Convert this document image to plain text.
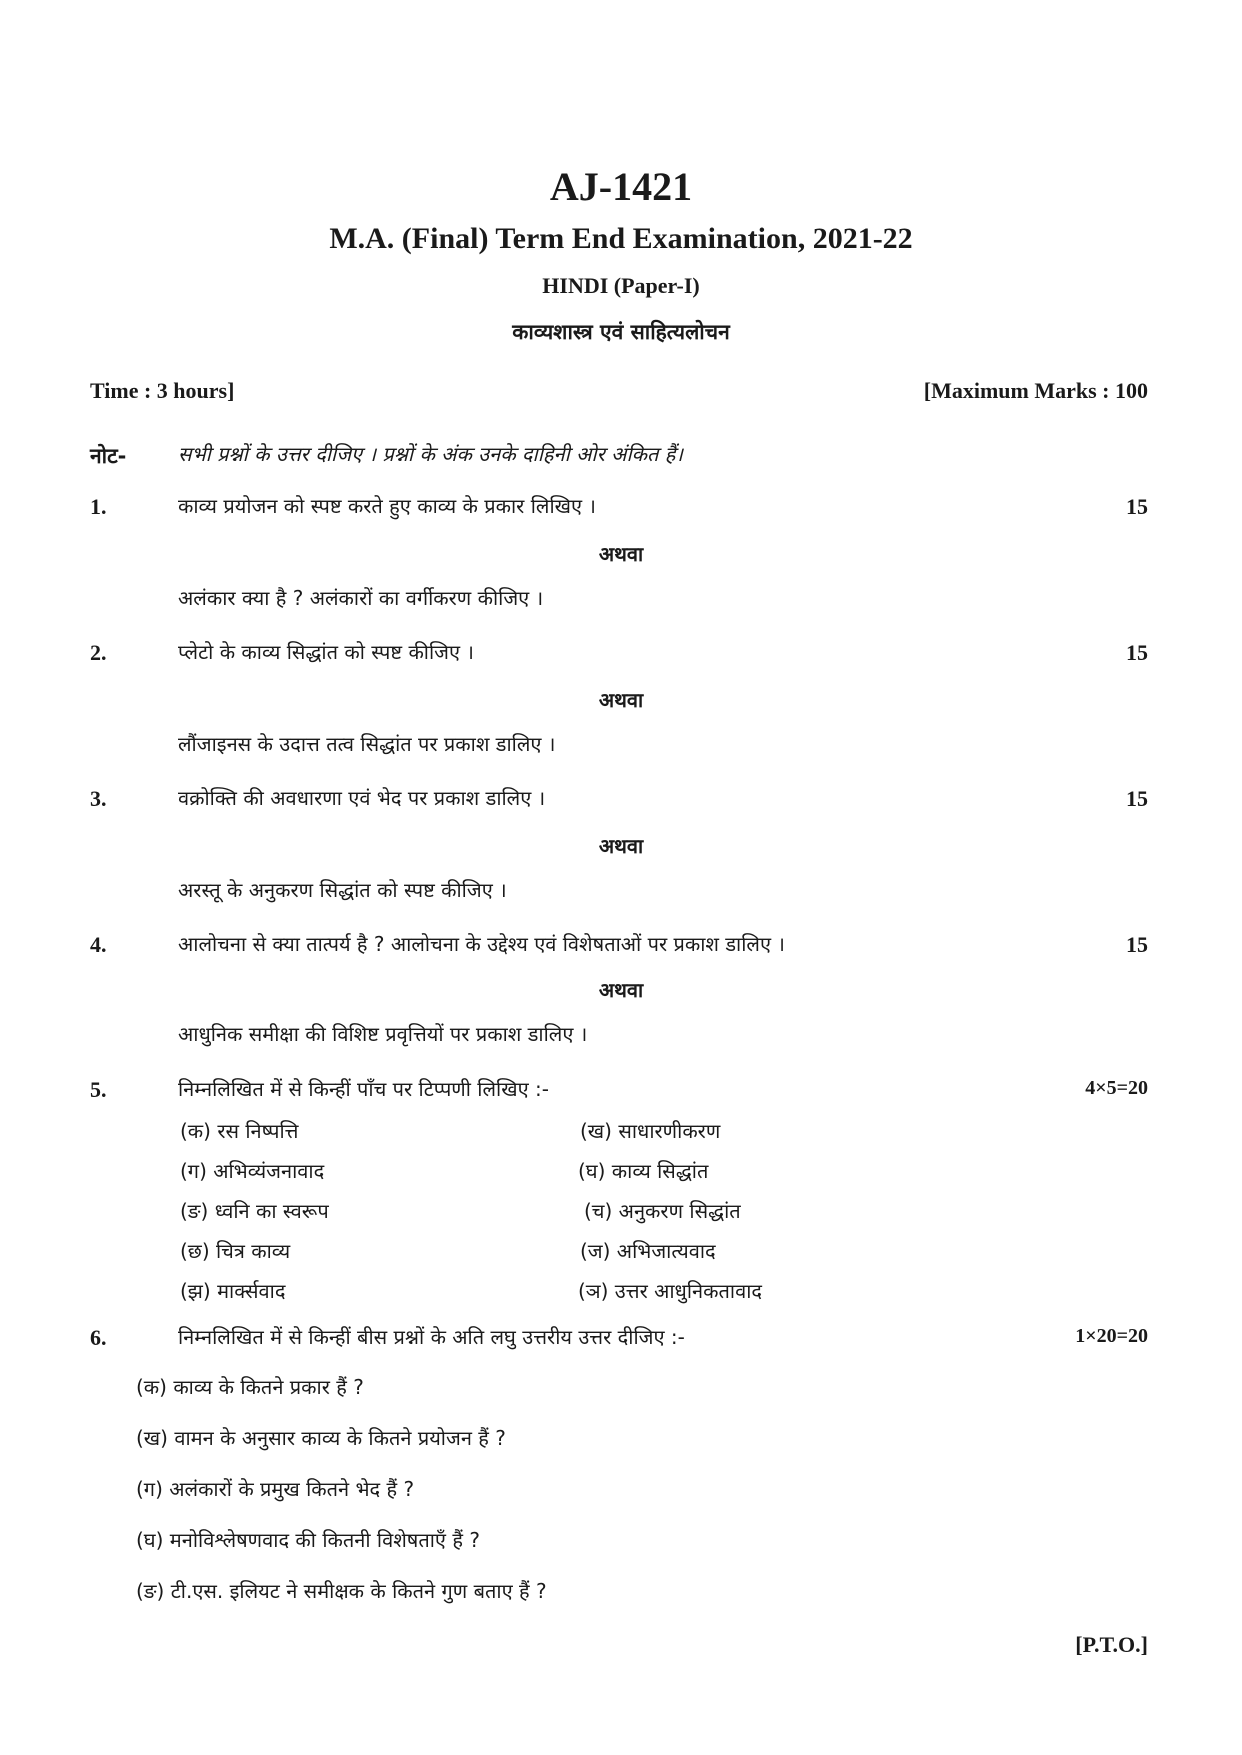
AJ-1421
M.A. (Final) Term End Examination, 2021-22
HINDI (Paper-I)
काव्यशास्त्र एवं साहित्यलोचन
Time : 3 hours]	[Maximum Marks : 100
नोट-	सभी प्रश्नों के उत्तर दीजिए । प्रश्नों के अंक उनके दाहिनी ओर अंकित हैं।
1.	काव्य प्रयोजन को स्पष्ट करते हुए काव्य के प्रकार लिखिए ।	15
अथवा
अलंकार क्या है ? अलंकारों का वर्गीकरण कीजिए ।
2.	प्लेटो के काव्य सिद्धांत को स्पष्ट कीजिए ।	15
अथवा
लौंजाइनस के उदात्त तत्व सिद्धांत पर प्रकाश डालिए ।
3.	वक्रोक्ति की अवधारणा एवं भेद पर प्रकाश डालिए ।	15
अथवा
अरस्तू के अनुकरण सिद्धांत को स्पष्ट कीजिए ।
4.	आलोचना से क्या तात्पर्य है ? आलोचना के उद्देश्य एवं विशेषताओं पर प्रकाश डालिए ।	15
अथवा
आधुनिक समीक्षा की विशिष्ट प्रवृत्तियों पर प्रकाश डालिए ।
5.	निम्नलिखित में से किन्हीं पाँच पर टिप्पणी लिखिए :-	4×5=20
(क) रस निष्पत्ति	(ख) साधारणीकरण
(ग) अभिव्यंजनावाद	(घ) काव्य सिद्धांत
(ङ) ध्वनि का स्वरूप	(च) अनुकरण सिद्धांत
(छ) चित्र काव्य	(ज) अभिजात्यवाद
(झ) मार्क्सवाद	(ञ) उत्तर आधुनिकतावाद
6.	निम्नलिखित में से किन्हीं बीस प्रश्नों के अति लघु उत्तरीय उत्तर दीजिए :-	1×20=20
(क) काव्य के कितने प्रकार हैं ?
(ख) वामन के अनुसार काव्य के कितने प्रयोजन हैं ?
(ग) अलंकारों के प्रमुख कितने भेद हैं ?
(घ) मनोविश्लेषणवाद की कितनी विशेषताएँ हैं ?
(ङ) टी.एस. इलियट ने समीक्षक के कितने गुण बताए हैं ?
[P.T.O.]
